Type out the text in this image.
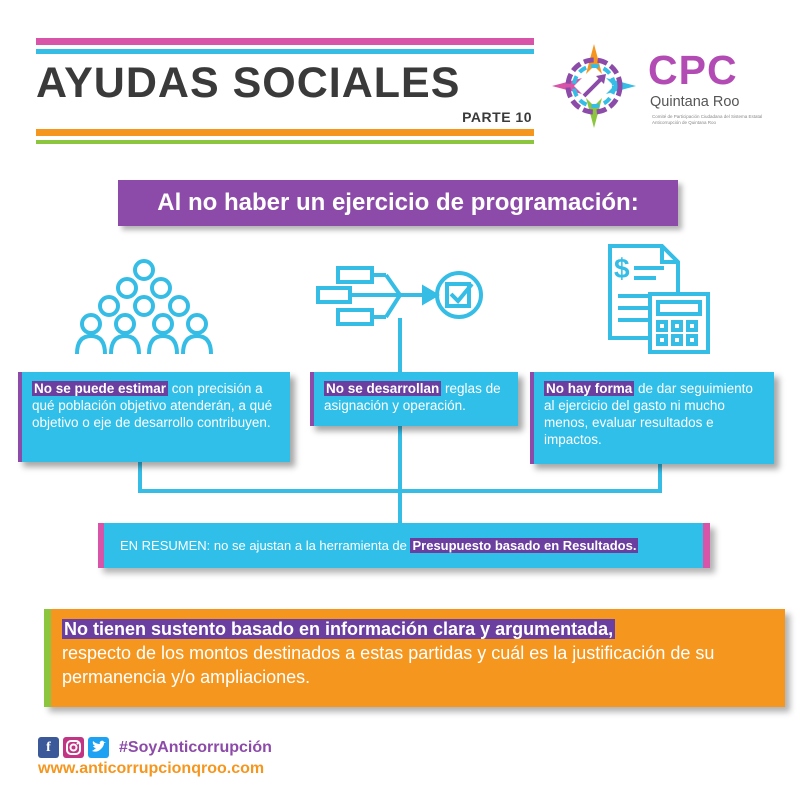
AYUDAS SOCIALES
PARTE 10
CPC
Quintana Roo
Comité de Participación Ciudadana del Sistema Estatal Anticorrupción de Quintana Roo
Al no haber un ejercicio de programación:
$
No se puede estimar con precisión a qué población objetivo atenderán, a qué objetivo o eje de desarrollo contribuyen.
No se desarrollan reglas de asignación y operación.
No hay forma de dar seguimiento al ejercicio del gasto ni mucho menos, evaluar resultados e impactos.
EN RESUMEN: no se ajustan a la herramienta de Presupuesto basado en Resultados.
No tienen sustento basado en información clara y argumentada,
respecto de los montos destinados a estas partidas y cuál es la justificación de su permanencia y/o ampliaciones.
f	#SoyAnticorrupción
www.anticorrupcionqroo.com
